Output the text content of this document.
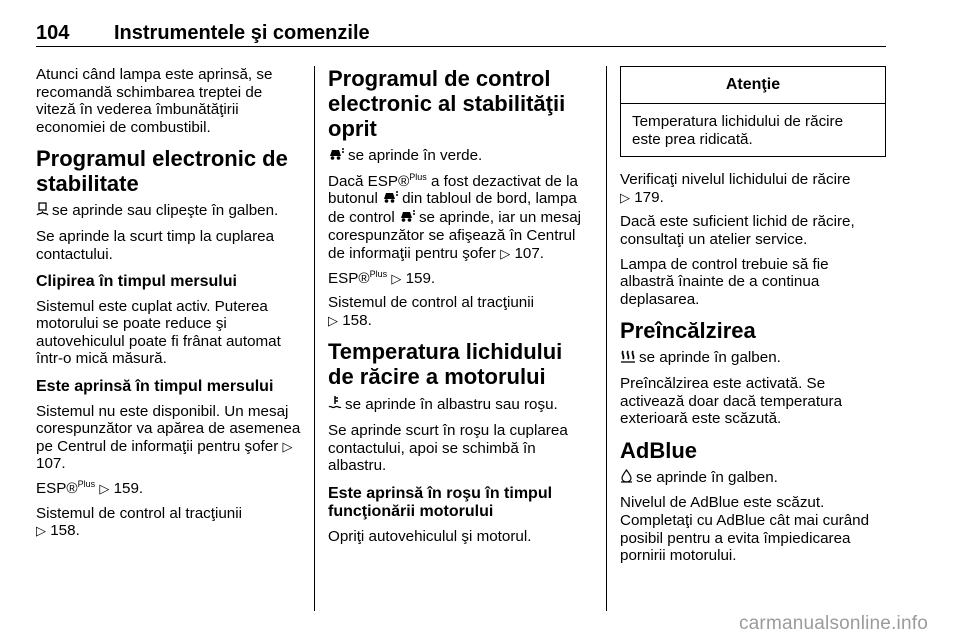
104 Instrumentele şi comenzile

Atunci când lampa este aprinsă, se recomandă schimbarea treptei de viteză în vederea îmbunătăţirii economiei de combustibil.

Programul electronic de stabilitate

se aprinde sau clipeşte în galben.

Se aprinde la scurt timp la cuplarea contactului.

Clipirea în timpul mersului

Sistemul este cuplat activ. Puterea motorului se poate reduce şi autovehiculul poate fi frânat automat într-o mică măsură.

Este aprinsă în timpul mersului

Sistemul nu este disponibil. Un mesaj corespunzător va apărea de asemenea pe Centrul de informaţii pentru şofer ▷ 107.

ESP®$^{Plus}$ ▷ 159.

Sistemul de control al tracţiunii
▷ 158.

Programul de control electronic al stabilităţii oprit

se aprinde în verde.

Dacă ESP®$^{Plus}$ a fost dezactivat de la butonul din tabloul de bord, lampa de control se aprinde, iar un mesaj corespunzător se afişează în Centrul de informaţii pentru şofer ▷ 107.

ESP®$^{Plus}$ ▷ 159.

Sistemul de control al tracţiunii
▷ 158.

Temperatura lichidului de răcire a motorului

se aprinde în albastru sau roşu.

Se aprinde scurt în roşu la cuplarea contactului, apoi se schimbă în albastru.

Este aprinsă în roşu în timpul funcţionării motorului

Opriţi autovehiculul şi motorul.

Atenţie
Temperatura lichidului de răcire este prea ridicată.

Verificaţi nivelul lichidului de răcire
▷ 179.

Dacă este suficient lichid de răcire, consultaţi un atelier service.

Lampa de control trebuie să fie albastră înainte de a continua deplasarea.

Preîncălzirea

se aprinde în galben.

Preîncălzirea este activată. Se activează doar dacă temperatura exterioară este scăzută.

AdBlue

se aprinde în galben.

Nivelul de AdBlue este scăzut. Completaţi cu AdBlue cât mai curând posibil pentru a evita împiedicarea pornirii motorului.

carmanualsonline.info
